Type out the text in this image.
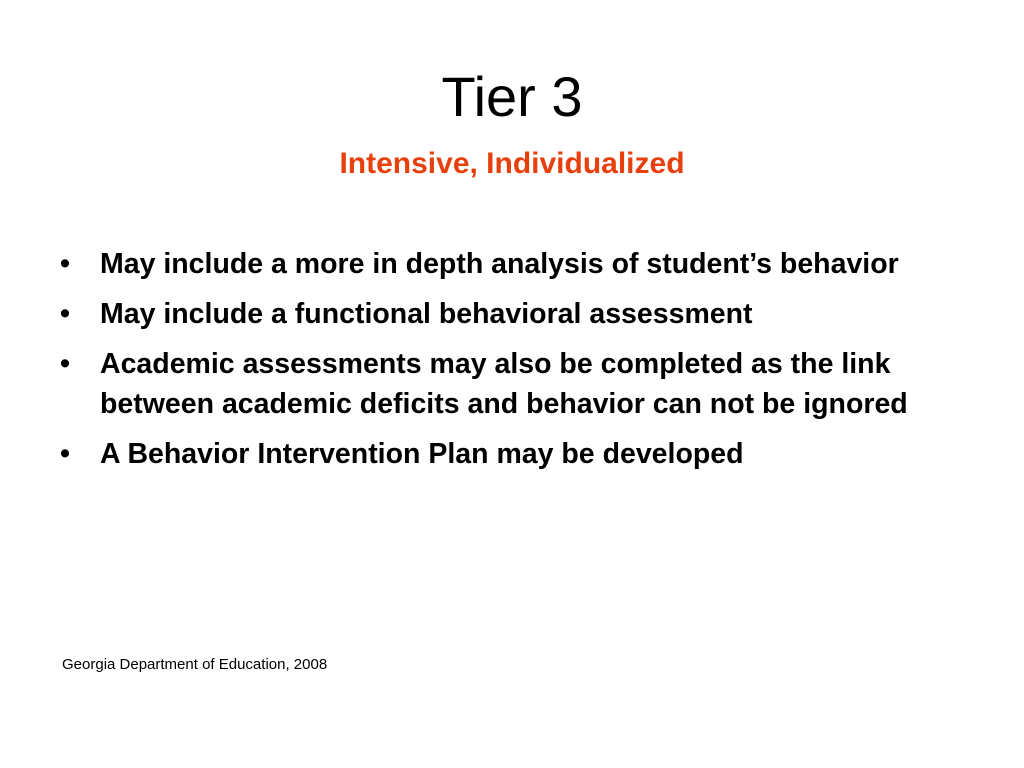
Tier 3
Intensive, Individualized
• May include a more in depth analysis of student’s behavior
• May include a functional behavioral assessment
• Academic assessments may also be completed as the link between academic deficits and behavior can not be ignored
• A Behavior Intervention Plan may be developed

Georgia Department of Education, 2008
